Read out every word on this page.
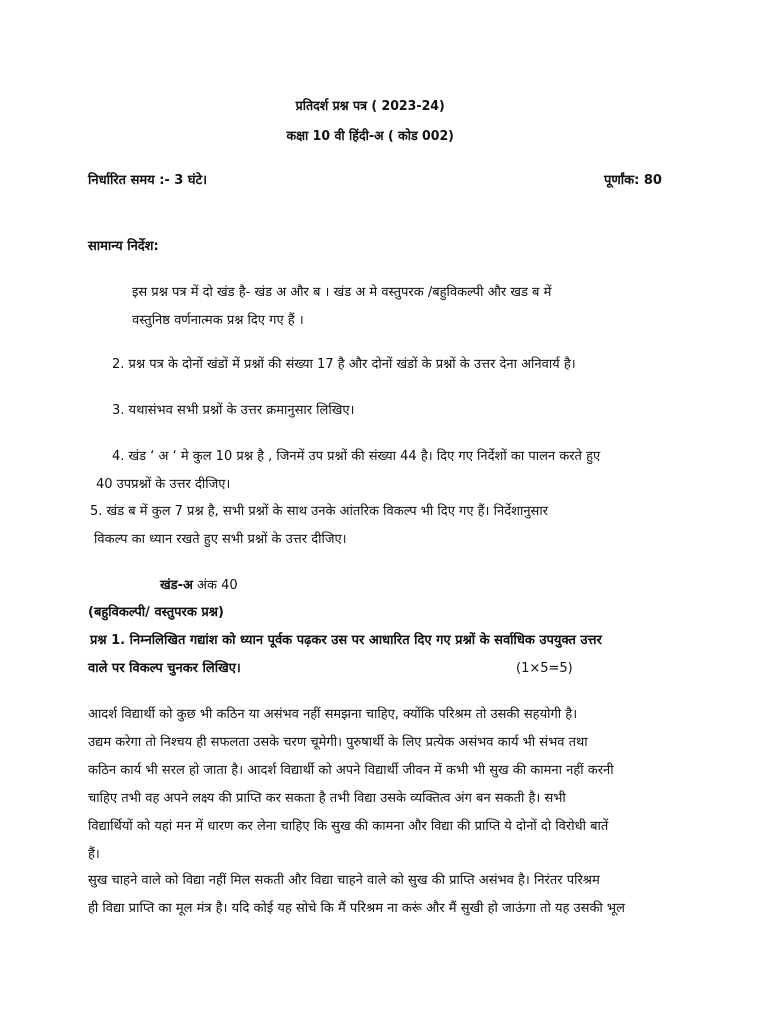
प्रतिदर्श प्रश्न पत्र ( 2023-24)
कक्षा 10 वी हिंदी-अ ( कोड 002)
निर्धारित समय :- 3 घंटे।	पूर्णांक: 80
सामान्य निर्देश:
इस प्रश्न पत्र में दो खंड है- खंड अ और ब । खंड अ मे वस्तुपरक /बहुविकल्पी और खड ब में
वस्तुनिष्ठ वर्णनात्मक प्रश्न दिए गए हैं ।
2. प्रश्न पत्र के दोनों खंडों में प्रश्नों की संख्या 17 है और दोनों खंडों के प्रश्नों के उत्तर देना अनिवार्य है।
3. यथासंभव सभी प्रश्नों के उत्तर क्रमानुसार लिखिए।
4. खंड ‘ अ ‘ मे कुल 10 प्रश्न है , जिनमें उप प्रश्नों की संख्या 44 है। दिए गए निर्देशों का पालन करते हुए
40 उपप्रश्नों के उत्तर दीजिए।
5. खंड ब में कुल 7 प्रश्न है, सभी प्रश्नों के साथ उनके आंतरिक विकल्प भी दिए गए हैं। निर्देशानुसार
विकल्प का ध्यान रखते हुए सभी प्रश्नों के उत्तर दीजिए।
खंड-अ अंक 40
(बहुविकल्पी/ वस्तुपरक प्रश्न)
प्रश्न 1. निम्नलिखित गद्यांश को ध्यान पूर्वक पढ़कर उस पर आधारित दिए गए प्रश्नों के सर्वाधिक उपयुक्त उत्तर
वाले पर विकल्प चुनकर लिखिए।	(1×5=5)
आदर्श विद्यार्थी को कुछ भी कठिन या असंभव नहीं समझना चाहिए, क्योंकि परिश्रम तो उसकी सहयोगी है।
उद्यम करेगा तो निश्चय ही सफलता उसके चरण चूमेगी। पुरुषार्थी के लिए प्रत्येक असंभव कार्य भी संभव तथा
कठिन कार्य भी सरल हो जाता है। आदर्श विद्यार्थी को अपने विद्यार्थी जीवन में कभी भी सुख की कामना नहीं करनी
चाहिए तभी वह अपने लक्ष्य की प्राप्ति कर सकता है तभी विद्या उसके व्यक्तित्व अंग बन सकती है। सभी
विद्यार्थियों को यहां मन में धारण कर लेना चाहिए कि सुख की कामना और विद्या की प्राप्ति ये दोनों दो विरोधी बातें
हैं।
सुख चाहने वाले को विद्या नहीं मिल सकती और विद्या चाहने वाले को सुख की प्राप्ति असंभव है। निरंतर परिश्रम
ही विद्या प्राप्ति का मूल मंत्र है। यदि कोई यह सोचे कि मैं परिश्रम ना करूं और मैं सुखी हो जाऊंगा तो यह उसकी भूल
